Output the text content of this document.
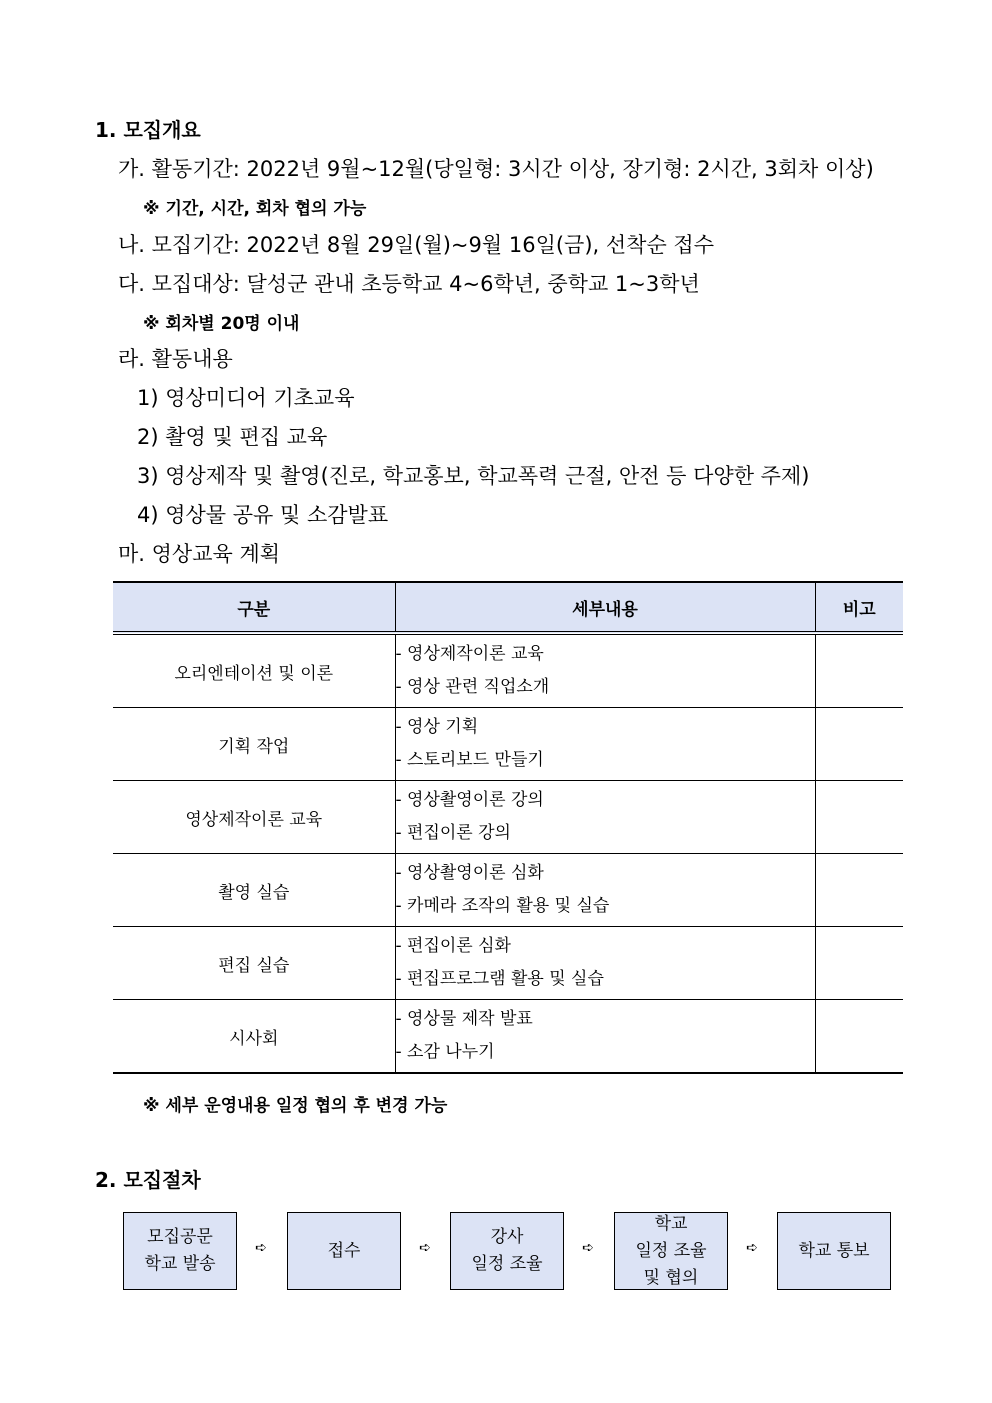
1. 모집개요
가. 활동기간: 2022년 9월~12월(당일형: 3시간 이상, 장기형: 2시간, 3회차 이상)
※ 기간, 시간, 회차 협의 가능
나. 모집기간: 2022년 8월 29일(월)~9월 16일(금), 선착순 접수
다. 모집대상: 달성군 관내 초등학교 4~6학년, 중학교 1~3학년
※ 회차별 20명 이내
라. 활동내용
1) 영상미디어 기초교육
2) 촬영 및 편집 교육
3) 영상제작 및 촬영(진로, 학교홍보, 학교폭력 근절, 안전 등 다양한 주제)
4) 영상물 공유 및 소감발표
마. 영상교육 계획
구분	세부내용	비고
오리엔테이션 및 이론	- 영상제작이론 교육
- 영상 관련 직업소개	

기획 작업	- 영상 기획
- 스토리보드 만들기	

영상제작이론 교육	- 영상촬영이론 강의
- 편집이론 강의	

촬영 실습	- 영상촬영이론 심화
- 카메라 조작의 활용 및 실습	

편집 실습	- 편집이론 심화
- 편집프로그램 활용 및 실습	

시사회	- 영상물 제작 발표
- 소감 나누기	

※ 세부 운영내용 일정 협의 후 변경 가능
2. 모집절차
모집공문
학교 발송
➪	접수	➪
강사
일정 조율
➪
학교
일정 조율
및 협의
➪ 학교 통보
